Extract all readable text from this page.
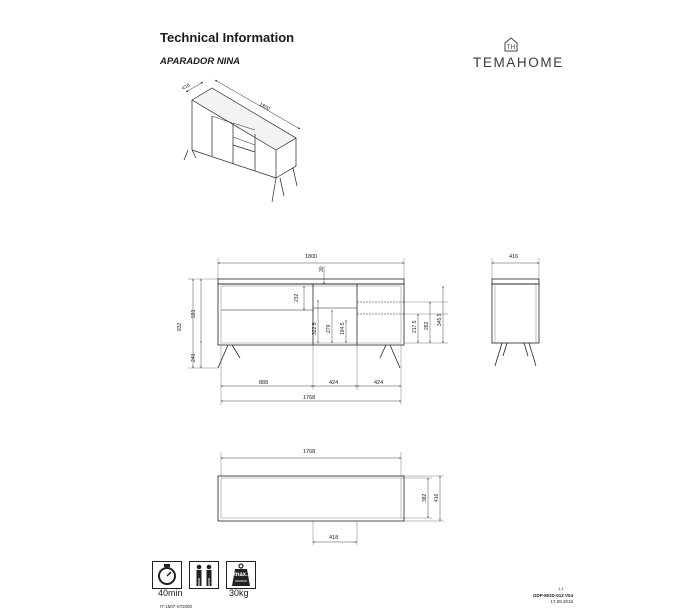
Technical Information
APARADOR NINA
TH
TEMAHOME
416
1800
1800
30
832
593
240
232
322.5 279 194.5	217.5 282 345.5
888	424	424
1768
416
1768
382 416
418
max.
40min	30kg
IT-1507-STD/00
1-1
GDP-MOD-012 V04
17.08.2016
